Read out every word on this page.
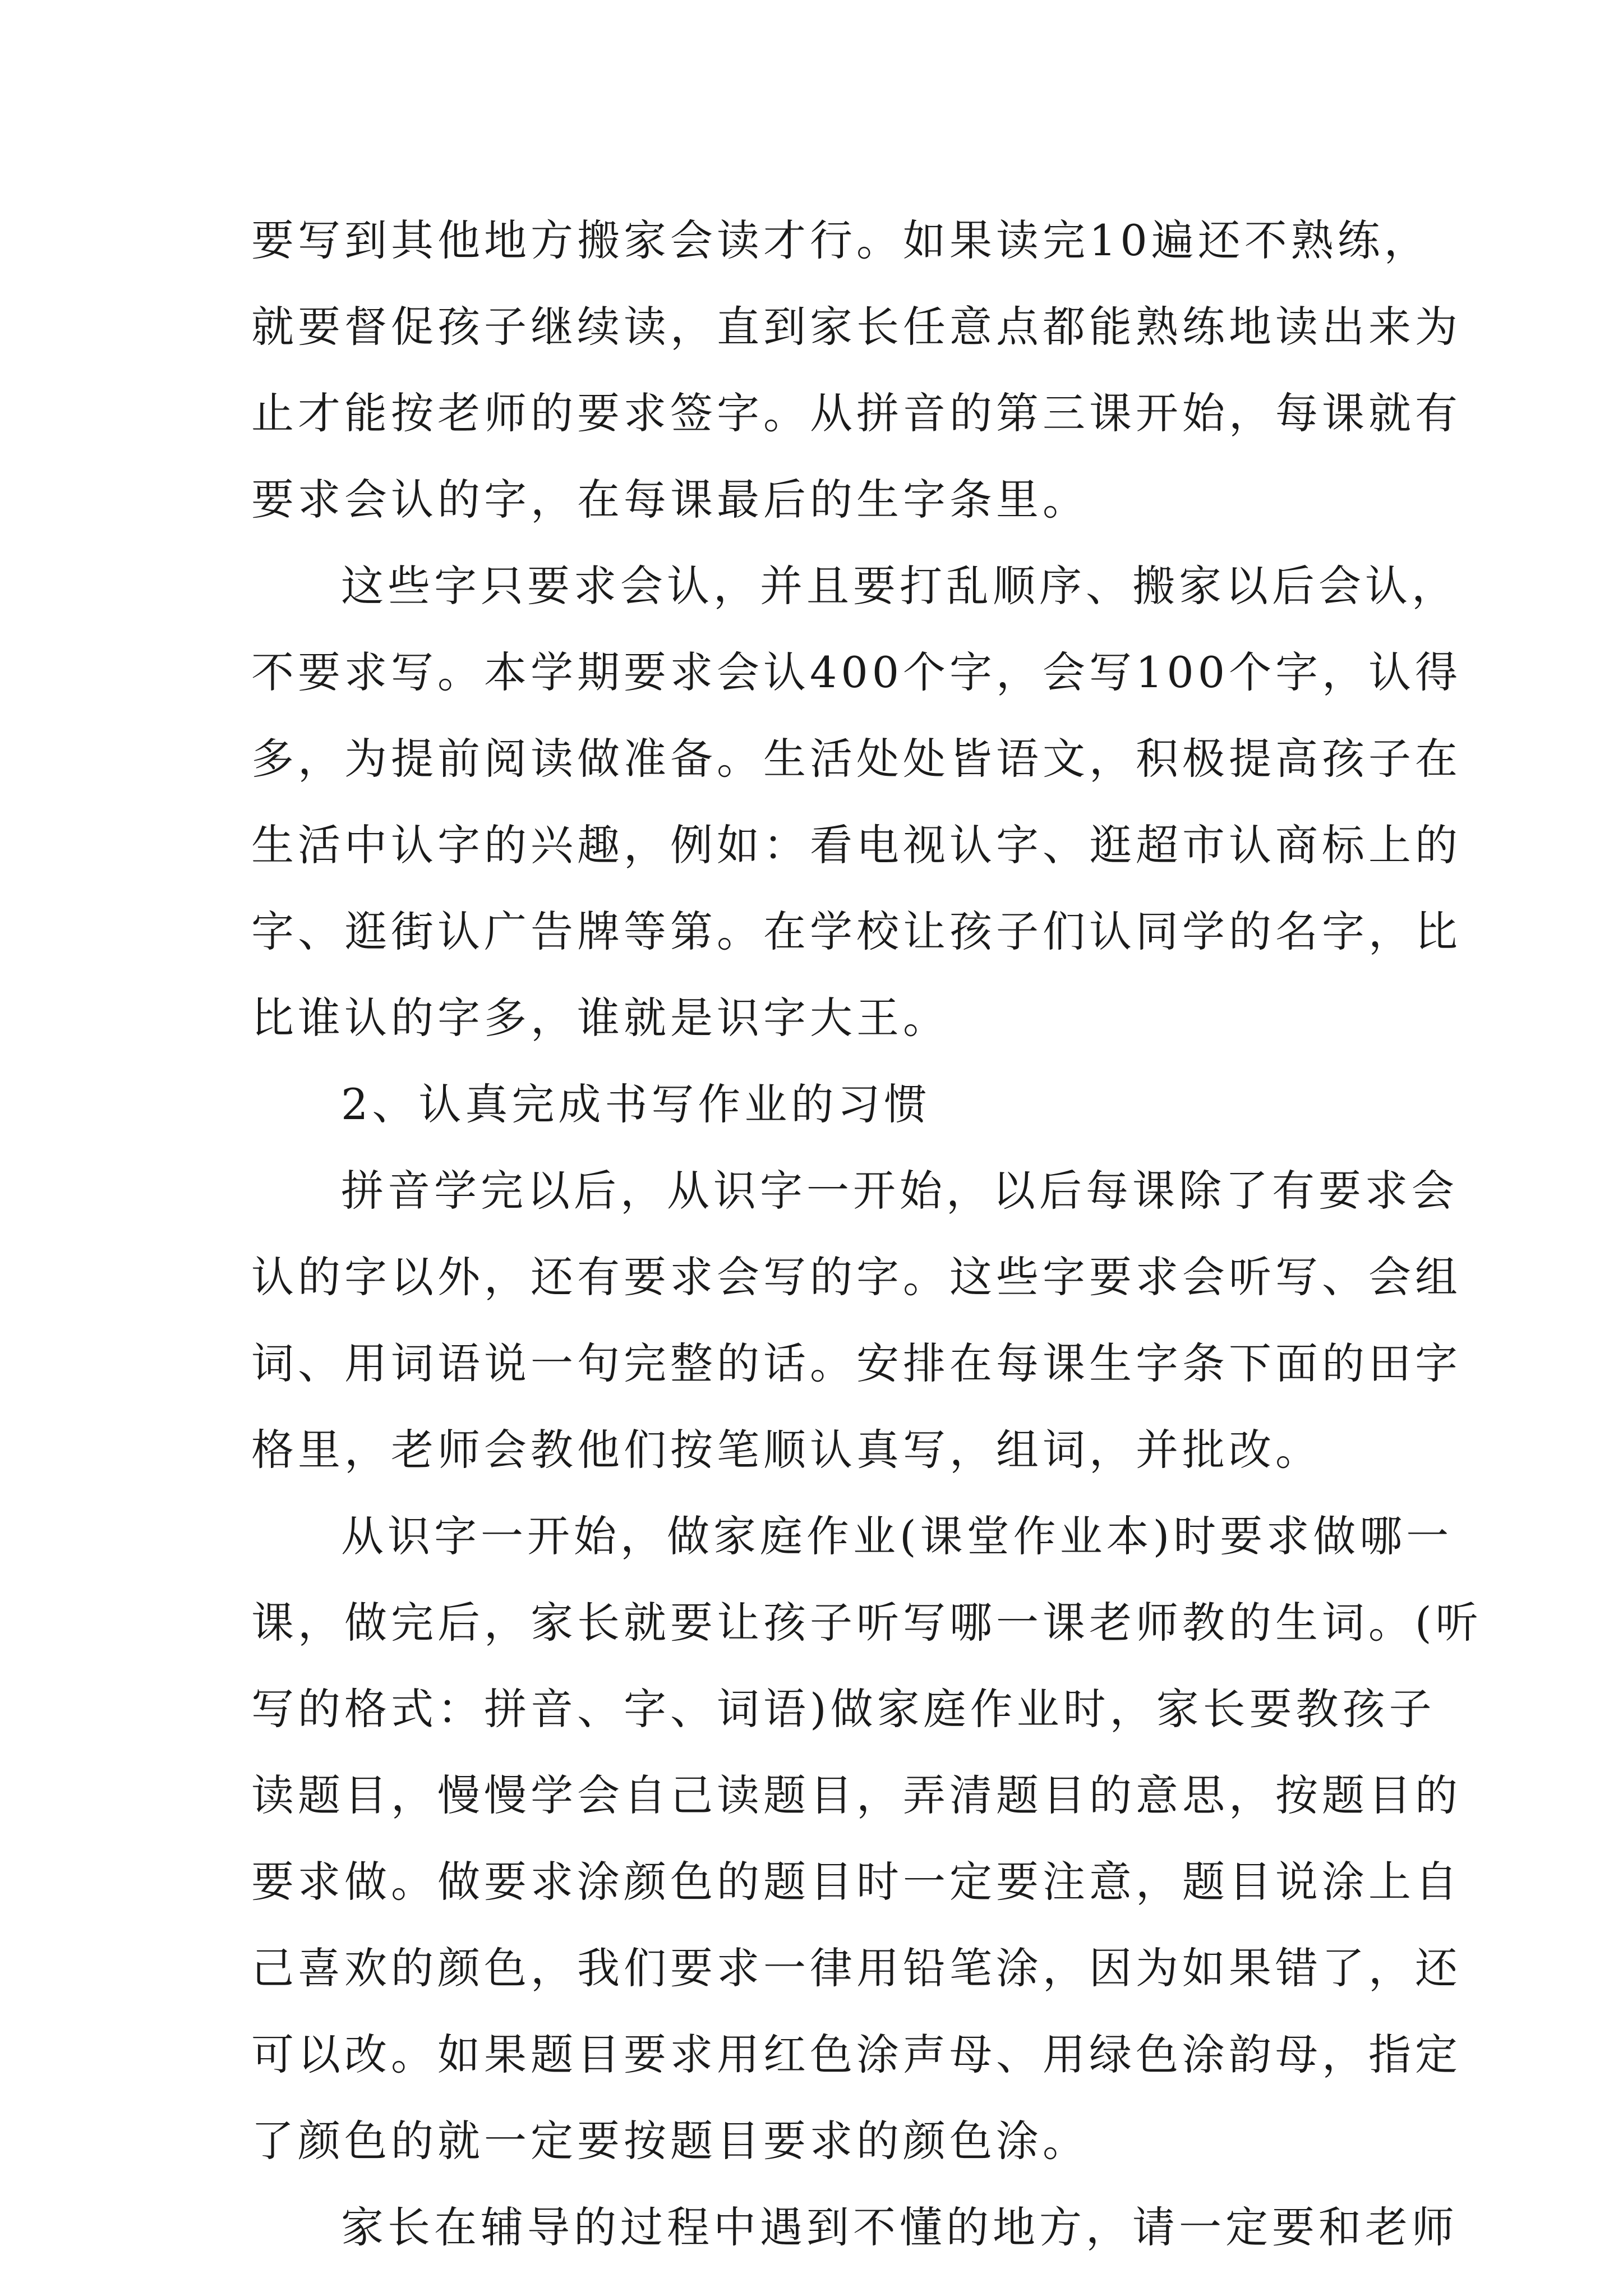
要写到其他地方搬家会读才行。如果读完10遍还不熟练，
就要督促孩子继续读，直到家长任意点都能熟练地读出来为
止才能按老师的要求签字。从拼音的第三课开始，每课就有
要求会认的字，在每课最后的生字条里。
这些字只要求会认，并且要打乱顺序、搬家以后会认，
不要求写。本学期要求会认400个字，会写100个字，认得
多，为提前阅读做准备。生活处处皆语文，积极提高孩子在
生活中认字的兴趣，例如：看电视认字、逛超市认商标上的
字、逛街认广告牌等第。在学校让孩子们认同学的名字，比
比谁认的字多，谁就是识字大王。
2、认真完成书写作业的习惯
拼音学完以后，从识字一开始，以后每课除了有要求会
认的字以外，还有要求会写的字。这些字要求会听写、会组
词、用词语说一句完整的话。安排在每课生字条下面的田字
格里，老师会教他们按笔顺认真写，组词，并批改。
从识字一开始，做家庭作业(课堂作业本)时要求做哪一
课，做完后，家长就要让孩子听写哪一课老师教的生词。(听
写的格式：拼音、字、词语)做家庭作业时，家长要教孩子
读题目，慢慢学会自己读题目，弄清题目的意思，按题目的
要求做。做要求涂颜色的题目时一定要注意，题目说涂上自
己喜欢的颜色，我们要求一律用铅笔涂，因为如果错了，还
可以改。如果题目要求用红色涂声母、用绿色涂韵母，指定
了颜色的就一定要按题目要求的颜色涂。
家长在辅导的过程中遇到不懂的地方，请一定要和老师
